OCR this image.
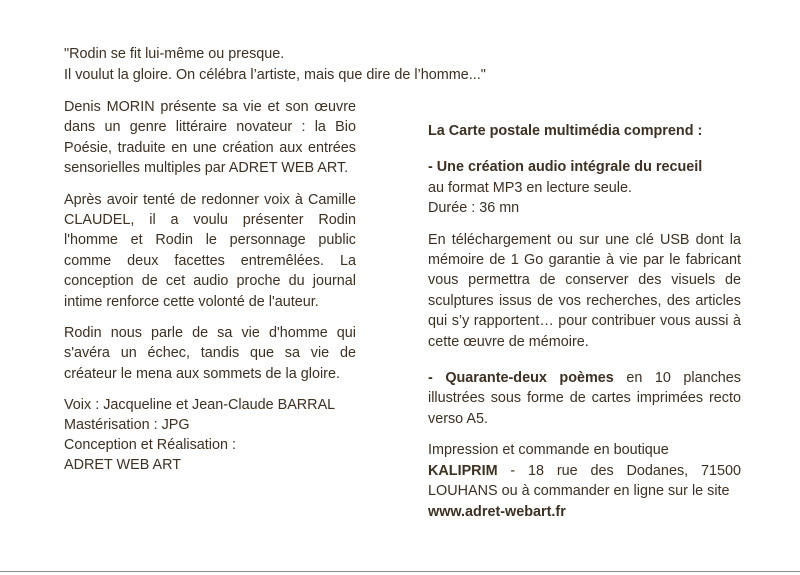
"Rodin se fit lui-même ou presque.
Il voulut la gloire. On célébra l’artiste, mais que dire de l’homme..."

Denis MORIN présente sa vie et son œuvre dans un genre littéraire novateur : la Bio Poésie, traduite en une création aux entrées sensorielles multiples par ADRET WEB ART.

Après avoir tenté de redonner voix à Camille CLAUDEL, il a voulu présenter Rodin l'homme et Rodin le personnage public comme deux facettes entremêlées. La conception de cet audio proche du journal intime renforce cette volonté de l'auteur.

Rodin nous parle de sa vie d'homme qui s'avéra un échec, tandis que sa vie de créateur le mena aux sommets de la gloire.

Voix : Jacqueline et Jean-Claude BARRAL
Mastérisation : JPG
Conception et Réalisation :
ADRET WEB ART

La Carte postale multimédia comprend :

- Une création audio intégrale du recueil

au format MP3 en lecture seule.

Durée : 36 mn

En téléchargement ou sur une clé USB dont la mémoire de 1 Go garantie à vie par le fabricant vous permettra de conserver des visuels de sculptures issus de vos recherches, des articles qui s’y rapportent… pour contribuer vous aussi à cette œuvre de mémoire.

- Quarante-deux poèmes en 10 planches illustrées sous forme de cartes imprimées recto verso A5.

Impression et commande en boutique

KALIPRIM - 18 rue des Dodanes, 71500 LOUHANS ou à commander en ligne sur le site

www.adret-webart.fr
